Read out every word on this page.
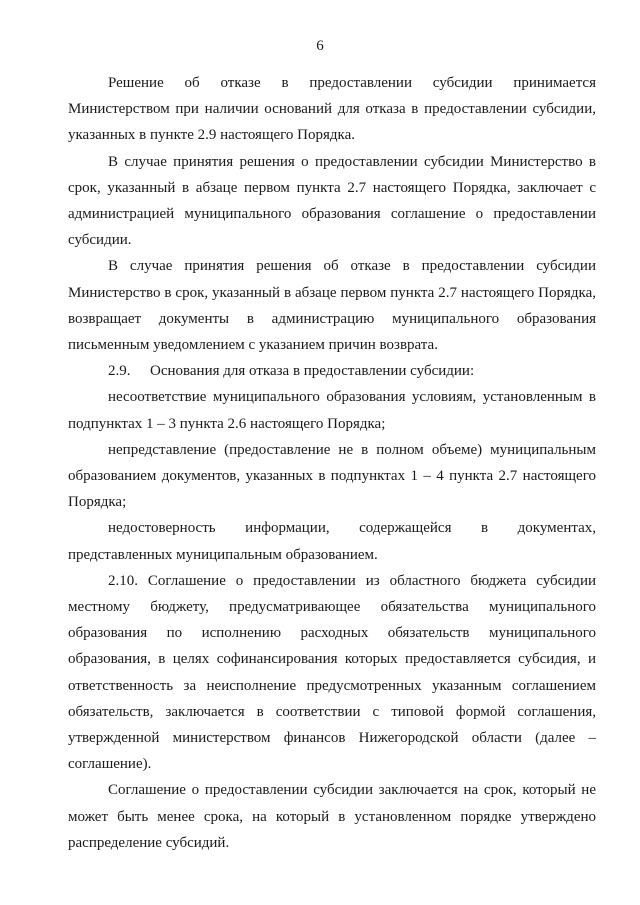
6

Решение об отказе в предоставлении субсидии принимается Министерством при наличии оснований для отказа в предоставлении субсидии, указанных в пункте 2.9 настоящего Порядка.

В случае принятия решения о предоставлении субсидии Министерство в срок, указанный в абзаце первом пункта 2.7 настоящего Порядка, заключает с администрацией муниципального образования соглашение о предоставлении субсидии.

В случае принятия решения об отказе в предоставлении субсидии Министерство в срок, указанный в абзаце первом пункта 2.7 настоящего Порядка, возвращает документы в администрацию муниципального образования письменным уведомлением с указанием причин возврата.

2.9. Основания для отказа в предоставлении субсидии:

несоответствие муниципального образования условиям, установленным в подпунктах 1 – 3 пункта 2.6 настоящего Порядка;

непредставление (предоставление не в полном объеме) муниципальным образованием документов, указанных в подпунктах 1 – 4 пункта 2.7 настоящего Порядка;

недостоверность информации, содержащейся в документах, представленных муниципальным образованием.

2.10. Соглашение о предоставлении из областного бюджета субсидии местному бюджету, предусматривающее обязательства муниципального образования по исполнению расходных обязательств муниципального образования, в целях софинансирования которых предоставляется субсидия, и ответственность за неисполнение предусмотренных указанным соглашением обязательств, заключается в соответствии с типовой формой соглашения, утвержденной министерством финансов Нижегородской области (далее – соглашение).

Соглашение о предоставлении субсидии заключается на срок, который не может быть менее срока, на который в установленном порядке утверждено распределение субсидий.
